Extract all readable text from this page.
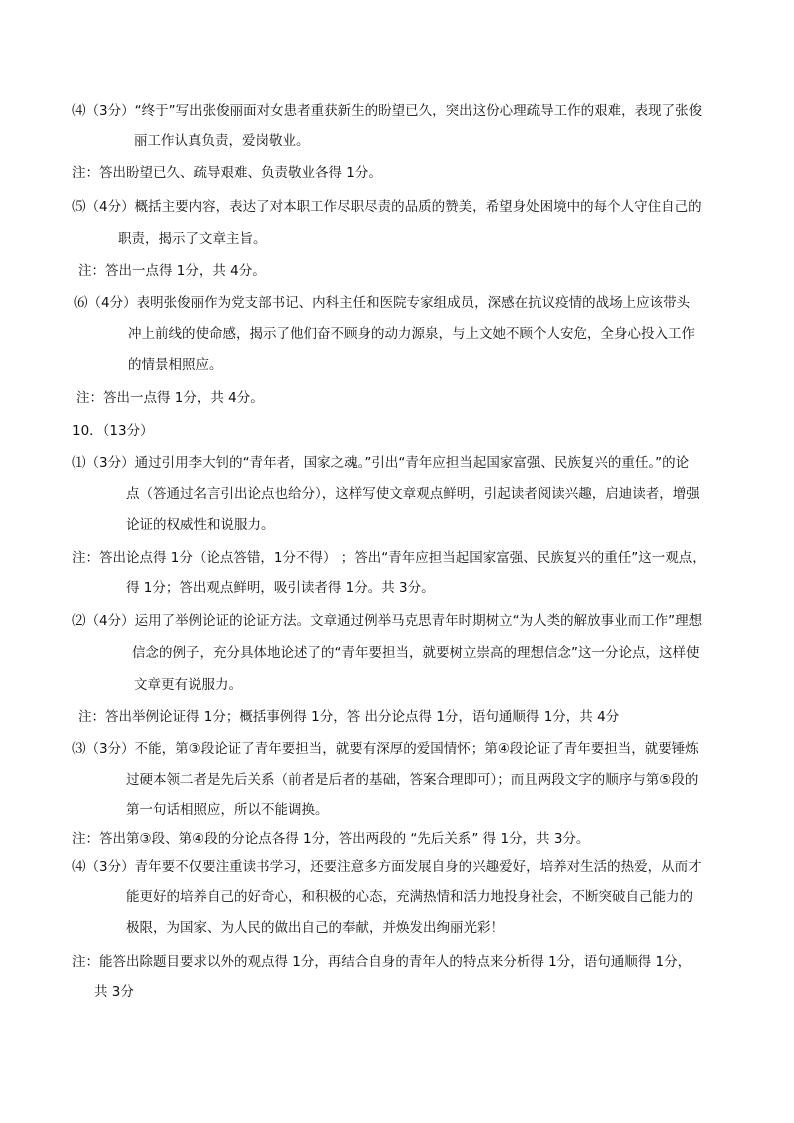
⑷（3分）“终于”写出张俊丽面对女患者重获新生的盼望已久，突出这份心理疏导工作的艰难，表现了张俊
丽工作认真负责，爱岗敬业。
注：答出盼望已久、疏导艰难、负责敬业各得 1分。
⑸（4分）概括主要内容，表达了对本职工作尽职尽责的品质的赞美，希望身处困境中的每个人守住自己的
职责，揭示了文章主旨。
注：答出一点得 1分，共 4分。
⑹（4分）表明张俊丽作为党支部书记、内科主任和医院专家组成员，深感在抗议疫情的战场上应该带头
冲上前线的使命感，揭示了他们奋不顾身的动力源泉，与上文她不顾个人安危，全身心投入工作
的情景相照应。
注：答出一点得 1分，共 4分。
10．（13分）
⑴（3分）通过引用李大钊的“青年者，国家之魂。”引出“青年应担当起国家富强、民族复兴的重任。”的论
点（答通过名言引出论点也给分），这样写使文章观点鲜明，引起读者阅读兴趣，启迪读者，增强
论证的权威性和说服力。
注：答出论点得 1分（论点答错，1分不得） ；答出“青年应担当起国家富强、民族复兴的重任”这一观点，
得 1分；答出观点鲜明，吸引读者得 1分。共 3分。
⑵（4分）运用了举例论证的论证方法。文章通过例举马克思青年时期树立“为人类的解放事业而工作”理想
信念的例子，充分具体地论述了的“青年要担当，就要树立崇高的理想信念”这一分论点，这样使
文章更有说服力。
注：答出举例论证得 1分；概括事例得 1分，答 出分论点得 1分，语句通顺得 1分，共 4分
⑶（3分）不能，第③段论证了青年要担当，就要有深厚的爱国情怀；第④段论证了青年要担当，就要锤炼
过硬本领二者是先后关系（前者是后者的基础，答案合理即可）；而且两段文字的顺序与第⑤段的
第一句话相照应，所以不能调换。
注：答出第③段、第④段的分论点各得 1分，答出两段的 “先后关系” 得 1分，共 3分。
⑷（3分）青年要不仅要注重读书学习，还要注意多方面发展自身的兴趣爱好，培养对生活的热爱，从而才
能更好的培养自己的好奇心，和积极的心态，充满热情和活力地投身社会，不断突破自己能力的
极限，为国家、为人民的做出自己的奉献，并焕发出绚丽光彩！
注：能答出除题目要求以外的观点得 1分，再结合自身的青年人的特点来分析得 1分，语句通顺得 1分，
共 3分
